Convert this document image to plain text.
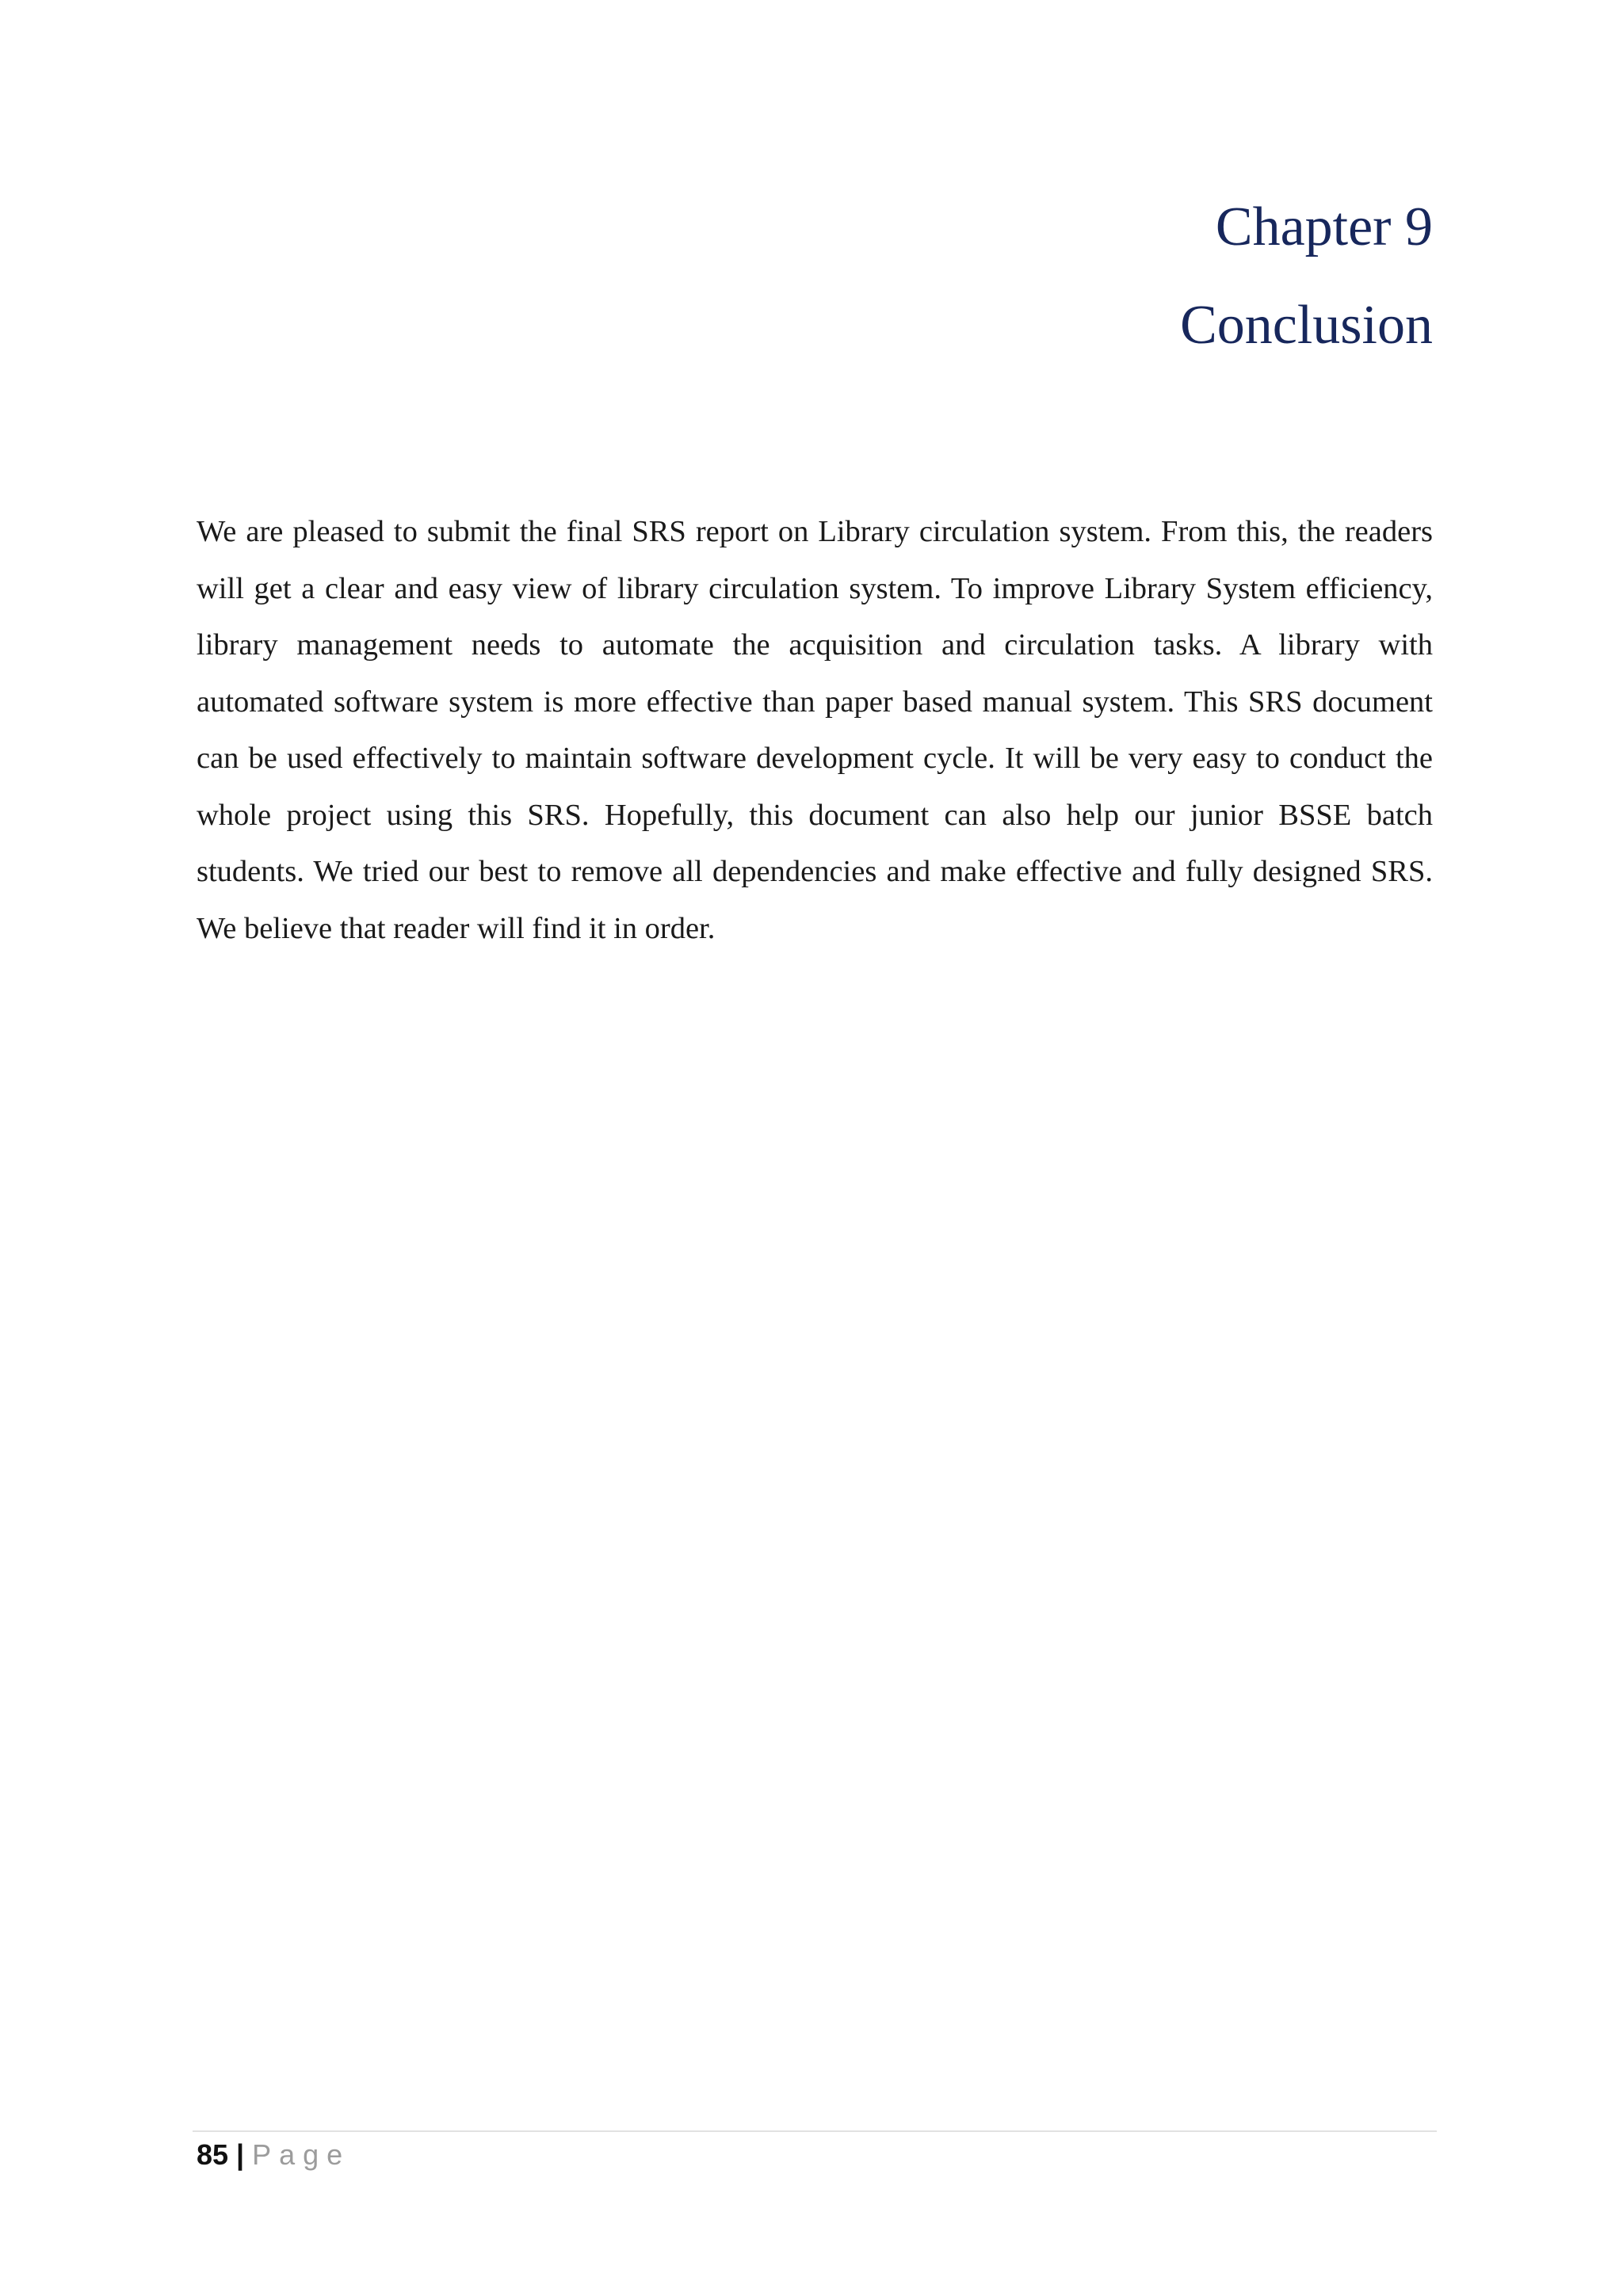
Chapter 9
Conclusion

We are pleased to submit the final SRS report on Library circulation system. From this, the readers will get a clear and easy view of library circulation system. To improve Library System efficiency, library management needs to automate the acquisition and circulation tasks. A library with automated software system is more effective than paper based manual system. This SRS document can be used effectively to maintain software development cycle. It will be very easy to conduct the whole project using this SRS. Hopefully, this document can also help our junior BSSE batch students. We tried our best to remove all dependencies and make effective and fully designed SRS. We believe that reader will find it in order.

85 | Page
